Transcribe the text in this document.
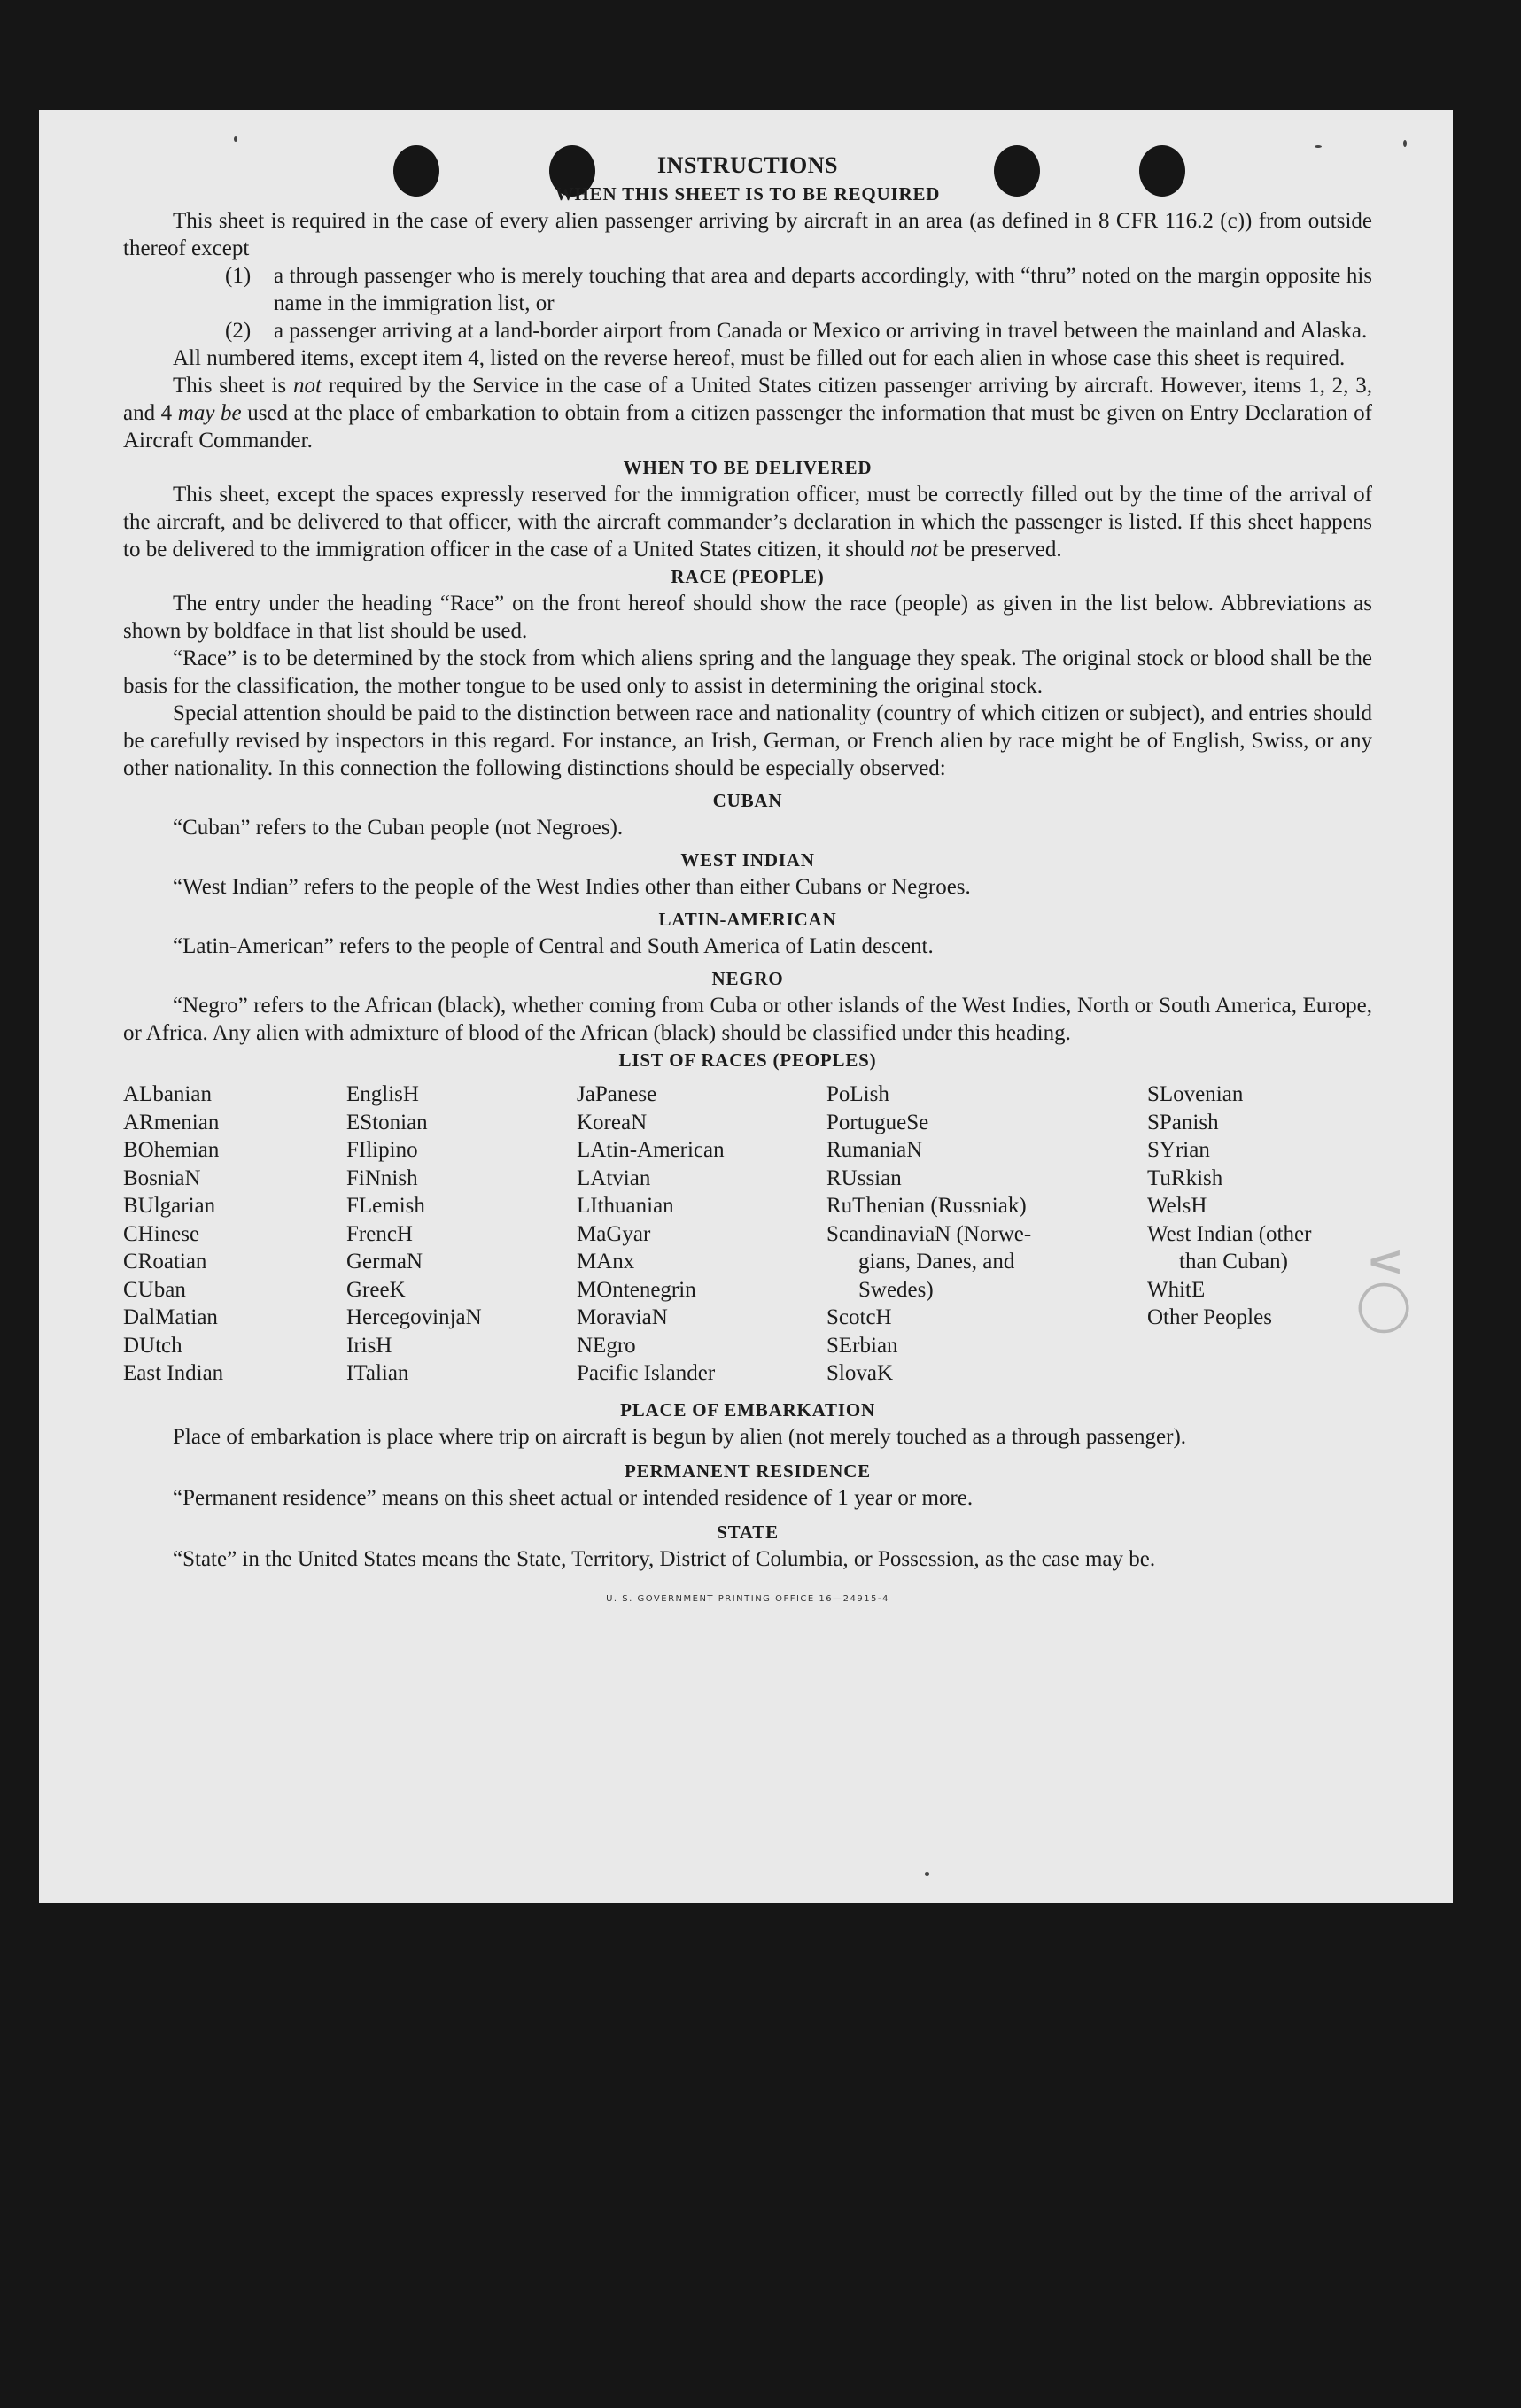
∨◯
INSTRUCTIONS
WHEN THIS SHEET IS TO BE REQUIRED

This sheet is required in the case of every alien passenger arriving by aircraft in an area (as defined in 8 CFR 116.2 (c)) from outside thereof except

(1) a through passenger who is merely touching that area and departs accordingly, with “thru” noted on the margin opposite his name in the immigration list, or

(2) a passenger arriving at a land-border airport from Canada or Mexico or arriving in travel between the mainland and Alaska.

All numbered items, except item 4, listed on the reverse hereof, must be filled out for each alien in whose case this sheet is required.

This sheet is not required by the Service in the case of a United States citizen passenger arriving by aircraft. However, items 1, 2, 3, and 4 may be used at the place of embarkation to obtain from a citizen passenger the information that must be given on Entry Declaration of Aircraft Commander.

WHEN TO BE DELIVERED

This sheet, except the spaces expressly reserved for the immigration officer, must be correctly filled out by the time of the arrival of the aircraft, and be delivered to that officer, with the aircraft commander’s declaration in which the passenger is listed. If this sheet happens to be delivered to the immigration officer in the case of a United States citizen, it should not be preserved.

RACE (PEOPLE)

The entry under the heading “Race” on the front hereof should show the race (people) as given in the list below. Abbreviations as shown by boldface in that list should be used.

“Race” is to be determined by the stock from which aliens spring and the language they speak. The original stock or blood shall be the basis for the classification, the mother tongue to be used only to assist in determining the original stock.

Special attention should be paid to the distinction between race and nationality (country of which citizen or subject), and entries should be carefully revised by inspectors in this regard. For instance, an Irish, German, or French alien by race might be of English, Swiss, or any other nationality. In this connection the following distinctions should be especially observed:

CUBAN

“Cuban” refers to the Cuban people (not Negroes).

WEST INDIAN

“West Indian” refers to the people of the West Indies other than either Cubans or Negroes.

LATIN-AMERICAN

“Latin-American” refers to the people of Central and South America of Latin descent.

NEGRO

“Negro” refers to the African (black), whether coming from Cuba or other islands of the West Indies, North or South America, Europe, or Africa. Any alien with admixture of blood of the African (black) should be classified under this heading.

LIST OF RACES (PEOPLES)
ALbanian
ARmenian
BOhemian
BosniaN
BUlgarian
CHinese
CRoatian
CUban
DalMatian
DUtch
East Indian
EnglisH
EStonian
FIlipino
FiNnish
FLemish
FrencH
GermaN
GreeK
HercegovinjaN
IrisH
ITalian
JaPanese
KoreaN
LAtin-American
LAtvian
LIthuanian
MaGyar
MAnx
MOntenegrin
MoraviaN
NEgro
Pacific Islander
PoLish
PortugueSe
RumaniaN
RUssian
RuThenian (Russniak)
ScandinaviaN (Norwe-
gians, Danes, and
Swedes)
ScotcH
SErbian
SlovaK
SLovenian
SPanish
SYrian
TuRkish
WelsH
West Indian (other
than Cuban)
WhitE
Other Peoples
PLACE OF EMBARKATION

Place of embarkation is place where trip on aircraft is begun by alien (not merely touched as a through passenger).

PERMANENT RESIDENCE

“Permanent residence” means on this sheet actual or intended residence of 1 year or more.

STATE

“State” in the United States means the State, Territory, District of Columbia, or Possession, as the case may be.

U. S. GOVERNMENT PRINTING OFFICE 16—24915-4
